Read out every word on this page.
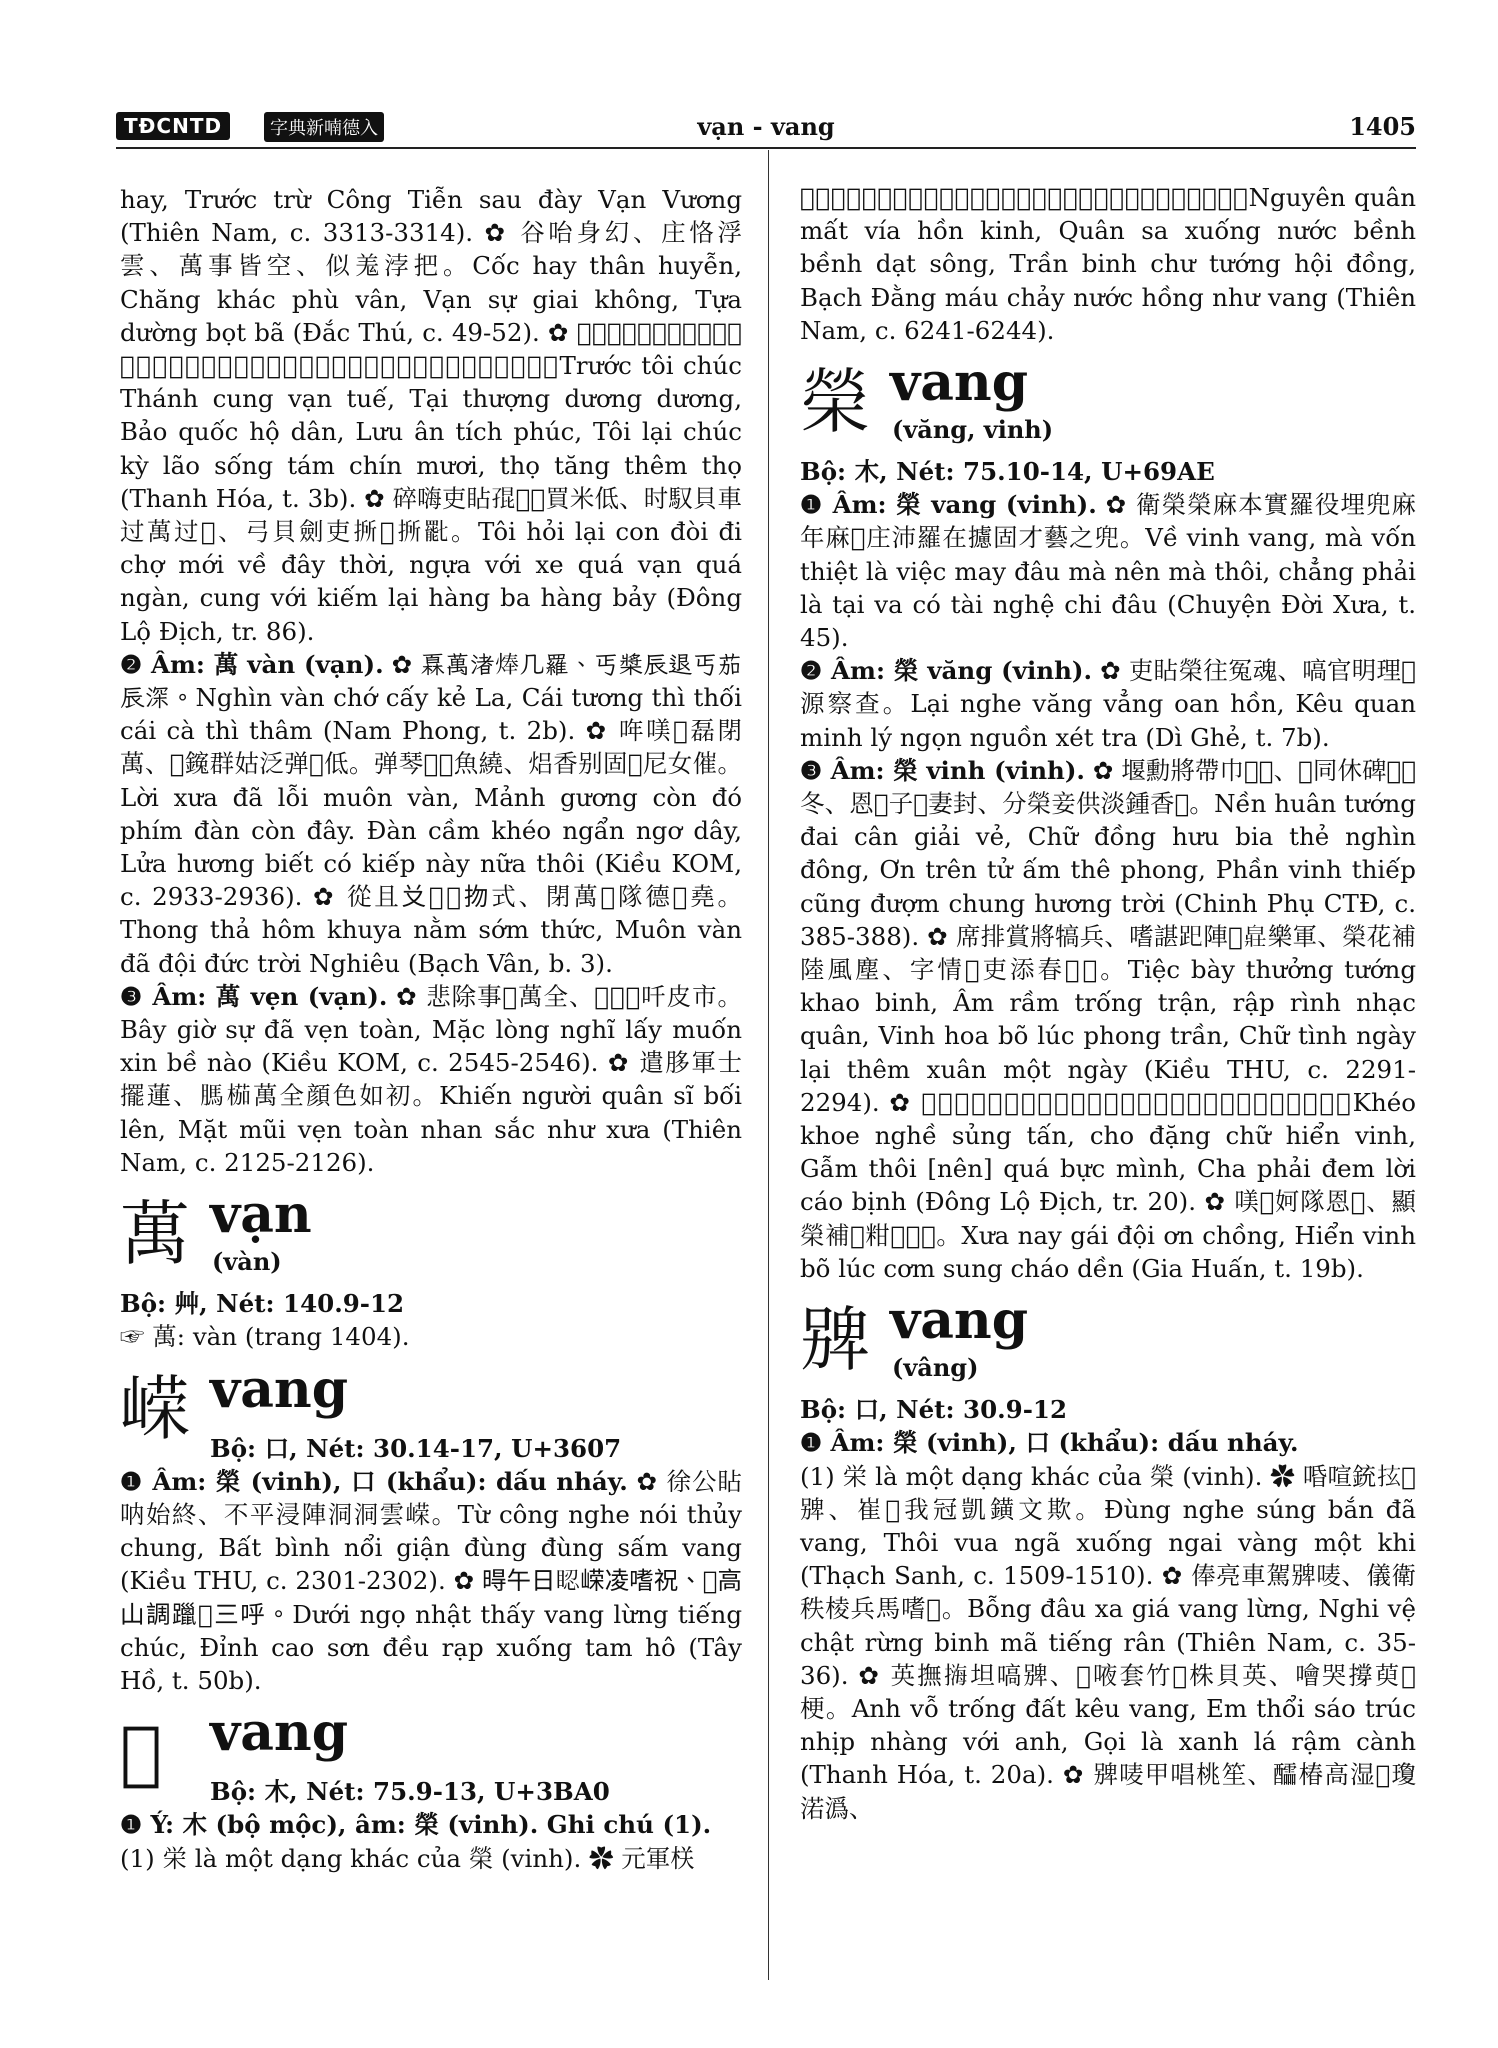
TĐCNTD	字典新喃德入	vạn - vang	1405

hay, Trước trừ Công Tiễn sau đày Vạn Vương (Thiên Nam, c. 3313-3314). ✿ 谷咍身幻、庄恪浮雲、萬事皆空、似羗浡把。Cốc hay thân huyễn, Chăng khác phù vân, Vạn sự giai không, Tựa dường bọt bã (Đắc Thú, c. 49-52). ✿ 𡗶碎祝聖躬萬歲、在上洋洋、保国詳民、留恩錫福、碎吏祝耆老𪽝𣿰尨迸、壽增添壽。Trước tôi chúc Thánh cung vạn tuế, Tại thượng dương dương, Bảo quốc hộ dân, Lưu ân tích phúc, Tôi lại chúc kỳ lão sống tám chín mươi, thọ tăng thêm thọ (Thanh Hóa, t. 3b). ✿ 碎嗨吏䀡𡥵𧡊𢄂買米低、时馭貝車过萬过𤾓、弓貝劍吏𢯢𠀧𢯢𠤩。Tôi hỏi lại con đòi đi chợ mới về đây thời, ngựa với xe quá vạn quá ngàn, cung với kiếm lại hàng ba hàng bảy (Đông Lộ Địch, tr. 86).

❷ Âm: 萬 vàn (vạn). ✿ 𤾓萬渚𤊡几羅、丐槳辰退丐茄辰深。Nghìn vàn chớ cấy kẻ La, Cái tương thì thối cái cà thì thâm (Nam Phong, t. 2b). ✿ 哖𠸍𠃣磊閉萬、𥑥䥉群姑泛弹𦛌低。弹琴𣅵𦰟魚繞、焒香别固𣙽尼女催。Lời xưa đã lỗi muôn vàn, Mảnh gương còn đó phím đàn còn đây. Đàn cầm khéo ngẩn ngơ dây, Lửa hương biết có kiếp này nữa thôi (Kiều KOM, c. 2933-2936). ✿ 從且𠬠𢙕𣈗𢪱式、閉萬𠃣隊德𡗶堯。Thong thả hôm khuya nằm sớm thức, Muôn vàn đã đội đức trời Nghiêu (Bạch Vân, b. 3).

❸ Âm: 萬 vẹn (vạn). ✿ 悲除事𠃣萬全、𪽝𢚸𢣂吀皮市。Bây giờ sự đã vẹn toàn, Mặc lòng nghĩ lấy muốn xin bề nào (Kiều KOM, c. 2545-2546). ✿ 遣䏧軍士擺蓮、𦟐𣖚萬全顔色如初。Khiến người quân sĩ bối lên, Mặt mũi vẹn toàn nhan sắc như xưa (Thiên Nam, c. 2125-2126).

萬 vạn
(vàn)

Bộ: 艸, Nét: 140.9-12

☞ 萬: vàn (trang 1404).

嵘 vang

Bộ: 口, Nét: 30.14-17, U+3607

❶ Âm: 榮 (vinh), 口 (khẩu): dấu nháy. ✿ 徐公䀡呐始終、不平浸陣洞洞雲嵘。Từ công nghe nói thủy chung, Bất bình nổi giận đùng đùng sấm vang (Kiều THU, c. 2301-2302). ✿ 𣈜午日𥆾嵘凌嗜祝、𡶀高山調躐𨆝三呼。Dưới ngọ nhật thấy vang lừng tiếng chúc, Đỉnh cao sơn đều rạp xuống tam hô (Tây Hồ, t. 50b).

𣛠 vang

Bộ: 木, Nét: 75.9-13, U+3BA0

❶ Ý: 木 (bộ mộc), âm: 榮 (vinh). Ghi chú (1).

(1) 栄 là một dạng khác của 榮 (vinh). ✿ 元軍栚

𪽝魂驚、軍沙𨆝渃泙泙達滝、陳兵諸將會同、白滕泖沚渃紅如栚。Nguyên quân mất vía hồn kinh, Quân sa xuống nước bềnh bềnh dạt sông, Trần binh chư tướng hội đồng, Bạch Đằng máu chảy nước hồng như vang (Thiên Nam, c. 6241-6244).

榮 vang
(văng, vinh)

Bộ: 木, Nét: 75.10-14, U+69AE

❶ Âm: 榮 vang (vinh). ✿ 衛榮榮麻本實羅役埋兜麻年麻𡗶庄沛羅在攄固才藝之兜。Về vinh vang, mà vốn thiệt là việc may đâu mà nên mà thôi, chẳng phải là tại va có tài nghệ chi đâu (Chuyện Đời Xưa, t. 45).

❷ Âm: 榮 văng (vinh). ✿ 吏䀡榮往冤魂、嗃官明理𦰟源察查。Lại nghe văng vẳng oan hồn, Kêu quan minh lý ngọn nguồn xét tra (Dì Ghẻ, t. 7b).

❸ Âm: 榮 vinh (vinh). ✿ 堰勳將帶巾𤇮𥘀、𢯢同休碑𥯉𤾓冬、恩𨕭子𦲾妻封、分榮妾供淡鍾香𡗶。Nền huân tướng đai cân giải vẻ, Chữ đồng hưu bia thẻ nghìn đông, Ơn trên tử ấm thê phong, Phần vinh thiếp cũng đượm chung hương trời (Chinh Phụ CTĐ, c. 385-388). ✿ 席排賞將犒兵、嗜諶𧿆陣𥹰𤽸樂軍、榮花補陸風塵、字情𣈜吏添春𠬠𣈜。Tiệc bày thưởng tướng khao binh, Âm rầm trống trận, rập rình nhạc quân, Vinh hoa bõ lúc phong trần, Chữ tình ngày lại thêm xuân một ngày (Kiều THU, c. 2291-2294). ✿ 𠸦𡅏尝寵進、朱卬𢯢顯榮、𠶆催𡀮过悁𢚸、吒沛𢬣唎告病。Khéo khoe nghề sủng tấn, cho đặng chữ hiển vinh, Gẫm thôi [nên] quá bực mình, Cha phải đem lời cáo bịnh (Đông Lộ Địch, tr. 20). ✿ 𠸍𣇞妸隊恩𢬭、顯榮補𣅶粓𣖟𥺳𦿗。Xưa nay gái đội ơn chồng, Hiển vinh bõ lúc cơm sung cháo dền (Gia Huấn, t. 19b).

㗗 vang
(vâng)

Bộ: 口, Nét: 30.9-12

❶ Âm: 榮 (vinh), 口 (khẩu): dấu nháy.

(1) 栄 là một dạng khác của 榮 (vinh). ✿ 㖧喧銃𢫔𠃣㗗、崔𢃊我冠凱鐄文欺。Đùng nghe súng bắn đã vang, Thôi vua ngã xuống ngai vàng một khi (Thạch Sanh, c. 1509-1510). ✿ 俸亮車駕㗗唛、儀衛秩棱兵馬嗜𠲦。Bỗng đâu xa giá vang lừng, Nghi vệ chật rừng binh mã tiếng rân (Thiên Nam, c. 35-36). ✿ 英撫𢲨坦嗃㗗、𡛔㖡套竹𣙩株貝英、噲哭撐萸𩄲梗。Anh vỗ trống đất kêu vang, Em thổi sáo trúc nhịp nhàng với anh, Gọi là xanh lá rậm cành (Thanh Hóa, t. 20a). ✿ 㗗唛甲唱桃笙、醽椿高湿𥉫瓊渃潙、
